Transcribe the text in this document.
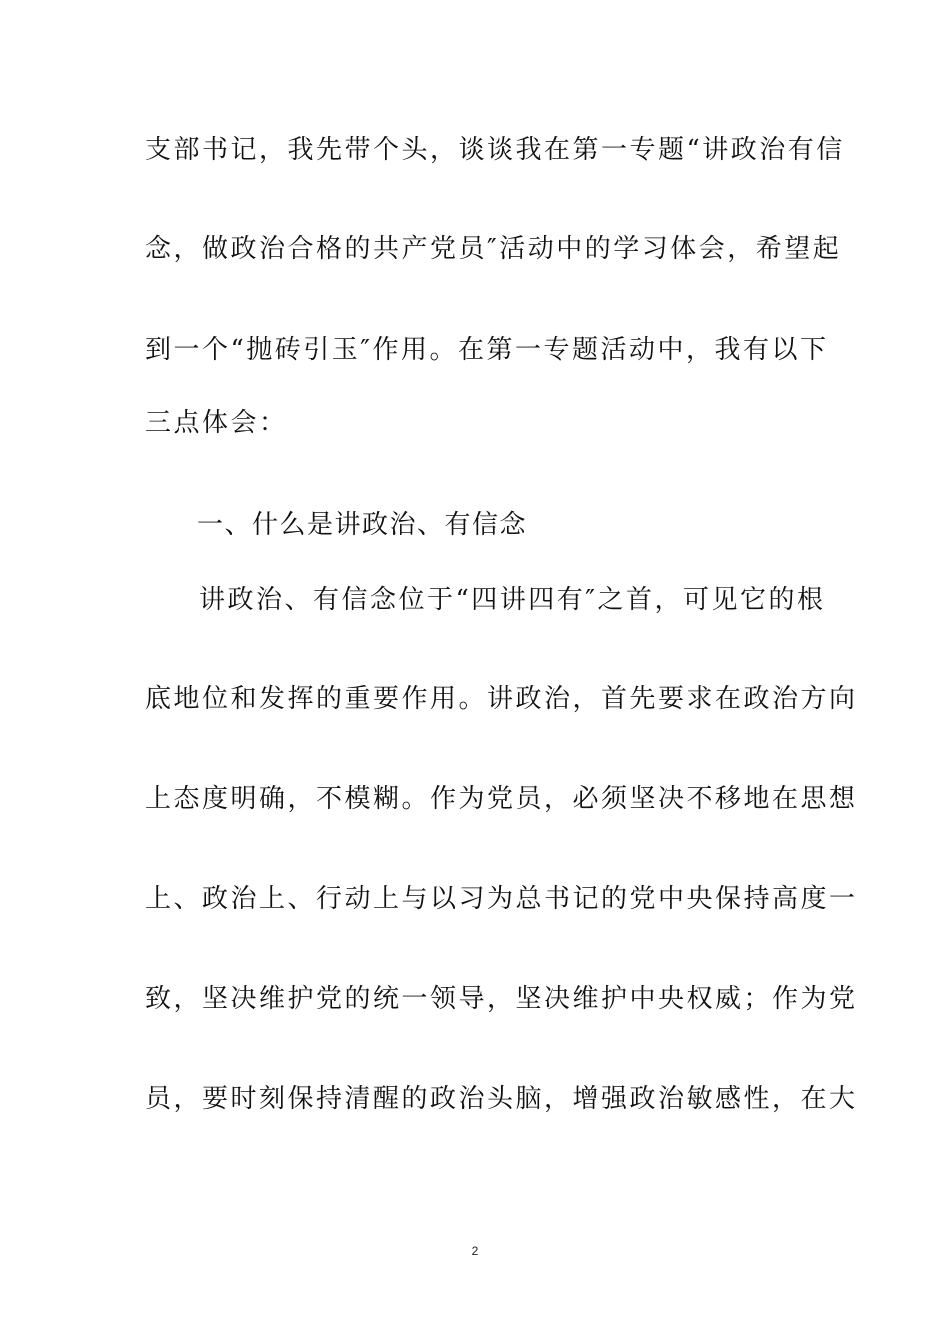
支部书记，我先带个头，谈谈我在第一专题“讲政治有信
念，做政治合格的共产党员″活动中的学习体会，希望起
到一个“抛砖引玉″作用。在第一专题活动中，我有以下
三点体会：
一、什么是讲政治、有信念
讲政治、有信念位于“四讲四有″之首，可见它的根
底地位和发挥的重要作用。讲政治，首先要求在政治方向
上态度明确，不模糊。作为党员，必须坚决不移地在思想
上、政治上、行动上与以习为总书记的党中央保持高度一
致，坚决维护党的统一领导，坚决维护中央权威；作为党
员，要时刻保持清醒的政治头脑，增强政治敏感性，在大
2
